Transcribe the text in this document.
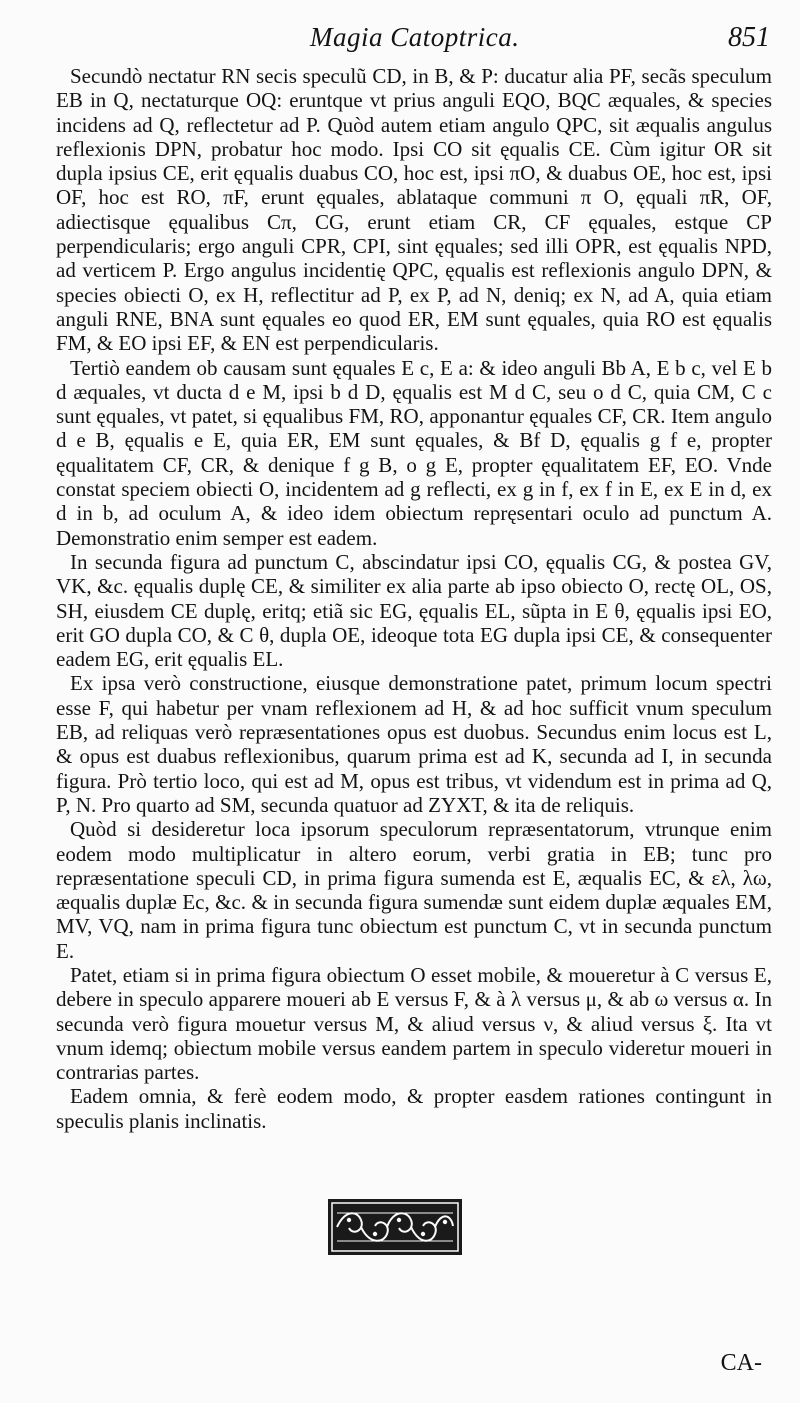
Magia Catoptrica.	851

Secundò nectatur RN secis speculũ CD, in B, & P: ducatur alia PF, secãs speculum EB in Q, nectaturque OQ: eruntque vt prius anguli EQO, BQC æquales, & species incidens ad Q, reflectetur ad P. Quòd autem etiam angulo QPC, sit æqualis angulus reflexionis DPN, probatur hoc modo. Ipsi CO sit ęqualis CE. Cùm igitur OR sit dupla ipsius CE, erit ęqualis duabus CO, hoc est, ipsi πO, & duabus OE, hoc est, ipsi OF, hoc est RO, πF, erunt ęquales, ablataque communi π O, ęquali πR, OF, adiectisque ęqualibus Cπ, CG, erunt etiam CR, CF ęquales, estque CP perpendicularis; ergo anguli CPR, CPI, sint ęquales; sed illi OPR, est ęqualis NPD, ad verticem P. Ergo angulus incidentię QPC, ęqualis est reflexionis angulo DPN, & species obiecti O, ex H, reflectitur ad P, ex P, ad N, deniq; ex N, ad A, quia etiam anguli RNE, BNA sunt ęquales eo quod ER, EM sunt ęquales, quia RO est ęqualis FM, & EO ipsi EF, & EN est perpendicularis.

Tertiò eandem ob causam sunt ęquales E c, E a: & ideo anguli Bb A, E b c, vel E b d æquales, vt ducta d e M, ipsi b d D, ęqualis est M d C, seu o d C, quia CM, C c sunt ęquales, vt patet, si ęqualibus FM, RO, apponantur ęquales CF, CR. Item angulo d e B, ęqualis e E, quia ER, EM sunt ęquales, & Bf D, ęqualis g f e, propter ęqualitatem CF, CR, & denique f g B, o g E, propter ęqualitatem EF, EO. Vnde constat speciem obiecti O, incidentem ad g reflecti, ex g in f, ex f in E, ex E in d, ex d in b, ad oculum A, & ideo idem obiectum repręsentari oculo ad punctum A. Demonstratio enim semper est eadem.

In secunda figura ad punctum C, abscindatur ipsi CO, ęqualis CG, & postea GV, VK, &c. ęqualis duplę CE, & similiter ex alia parte ab ipso obiecto O, rectę OL, OS, SH, eiusdem CE duplę, eritq; etiã sic EG, ęqualis EL, sũpta in E θ, ęqualis ipsi EO, erit GO dupla CO, & C θ, dupla OE, ideoque tota EG dupla ipsi CE, & consequenter eadem EG, erit ęqualis EL.

Ex ipsa verò constructione, eiusque demonstratione patet, primum locum spectri esse F, qui habetur per vnam reflexionem ad H, & ad hoc sufficit vnum speculum EB, ad reliquas verò repræsentationes opus est duobus. Secundus enim locus est L, & opus est duabus reflexionibus, quarum prima est ad K, secunda ad I, in secunda figura. Prò tertio loco, qui est ad M, opus est tribus, vt videndum est in prima ad Q, P, N. Pro quarto ad SM, secunda quatuor ad ZYXT, & ita de reliquis.

Quòd si desideretur loca ipsorum speculorum repræsentatorum, vtrunque enim eodem modo multiplicatur in altero eorum, verbi gratia in EB; tunc pro repræsentatione speculi CD, in prima figura sumenda est E, æqualis EC, & ελ, λω, æqualis duplæ Ec, &c. & in secunda figura sumendæ sunt eidem duplæ æquales EM, MV, VQ, nam in prima figura tunc obiectum est punctum C, vt in secunda punctum E.

Patet, etiam si in prima figura obiectum O esset mobile, & moueretur à C versus E, debere in speculo apparere moueri ab E versus F, & à λ versus μ, & ab ω versus α. In secunda verò figura mouetur versus M, & aliud versus ν, & aliud versus ξ. Ita vt vnum idemq; obiectum mobile versus eandem partem in speculo videretur moueri in contrarias partes.

Eadem omnia, & ferè eodem modo, & propter easdem rationes contingunt in speculis planis inclinatis.

CA-
